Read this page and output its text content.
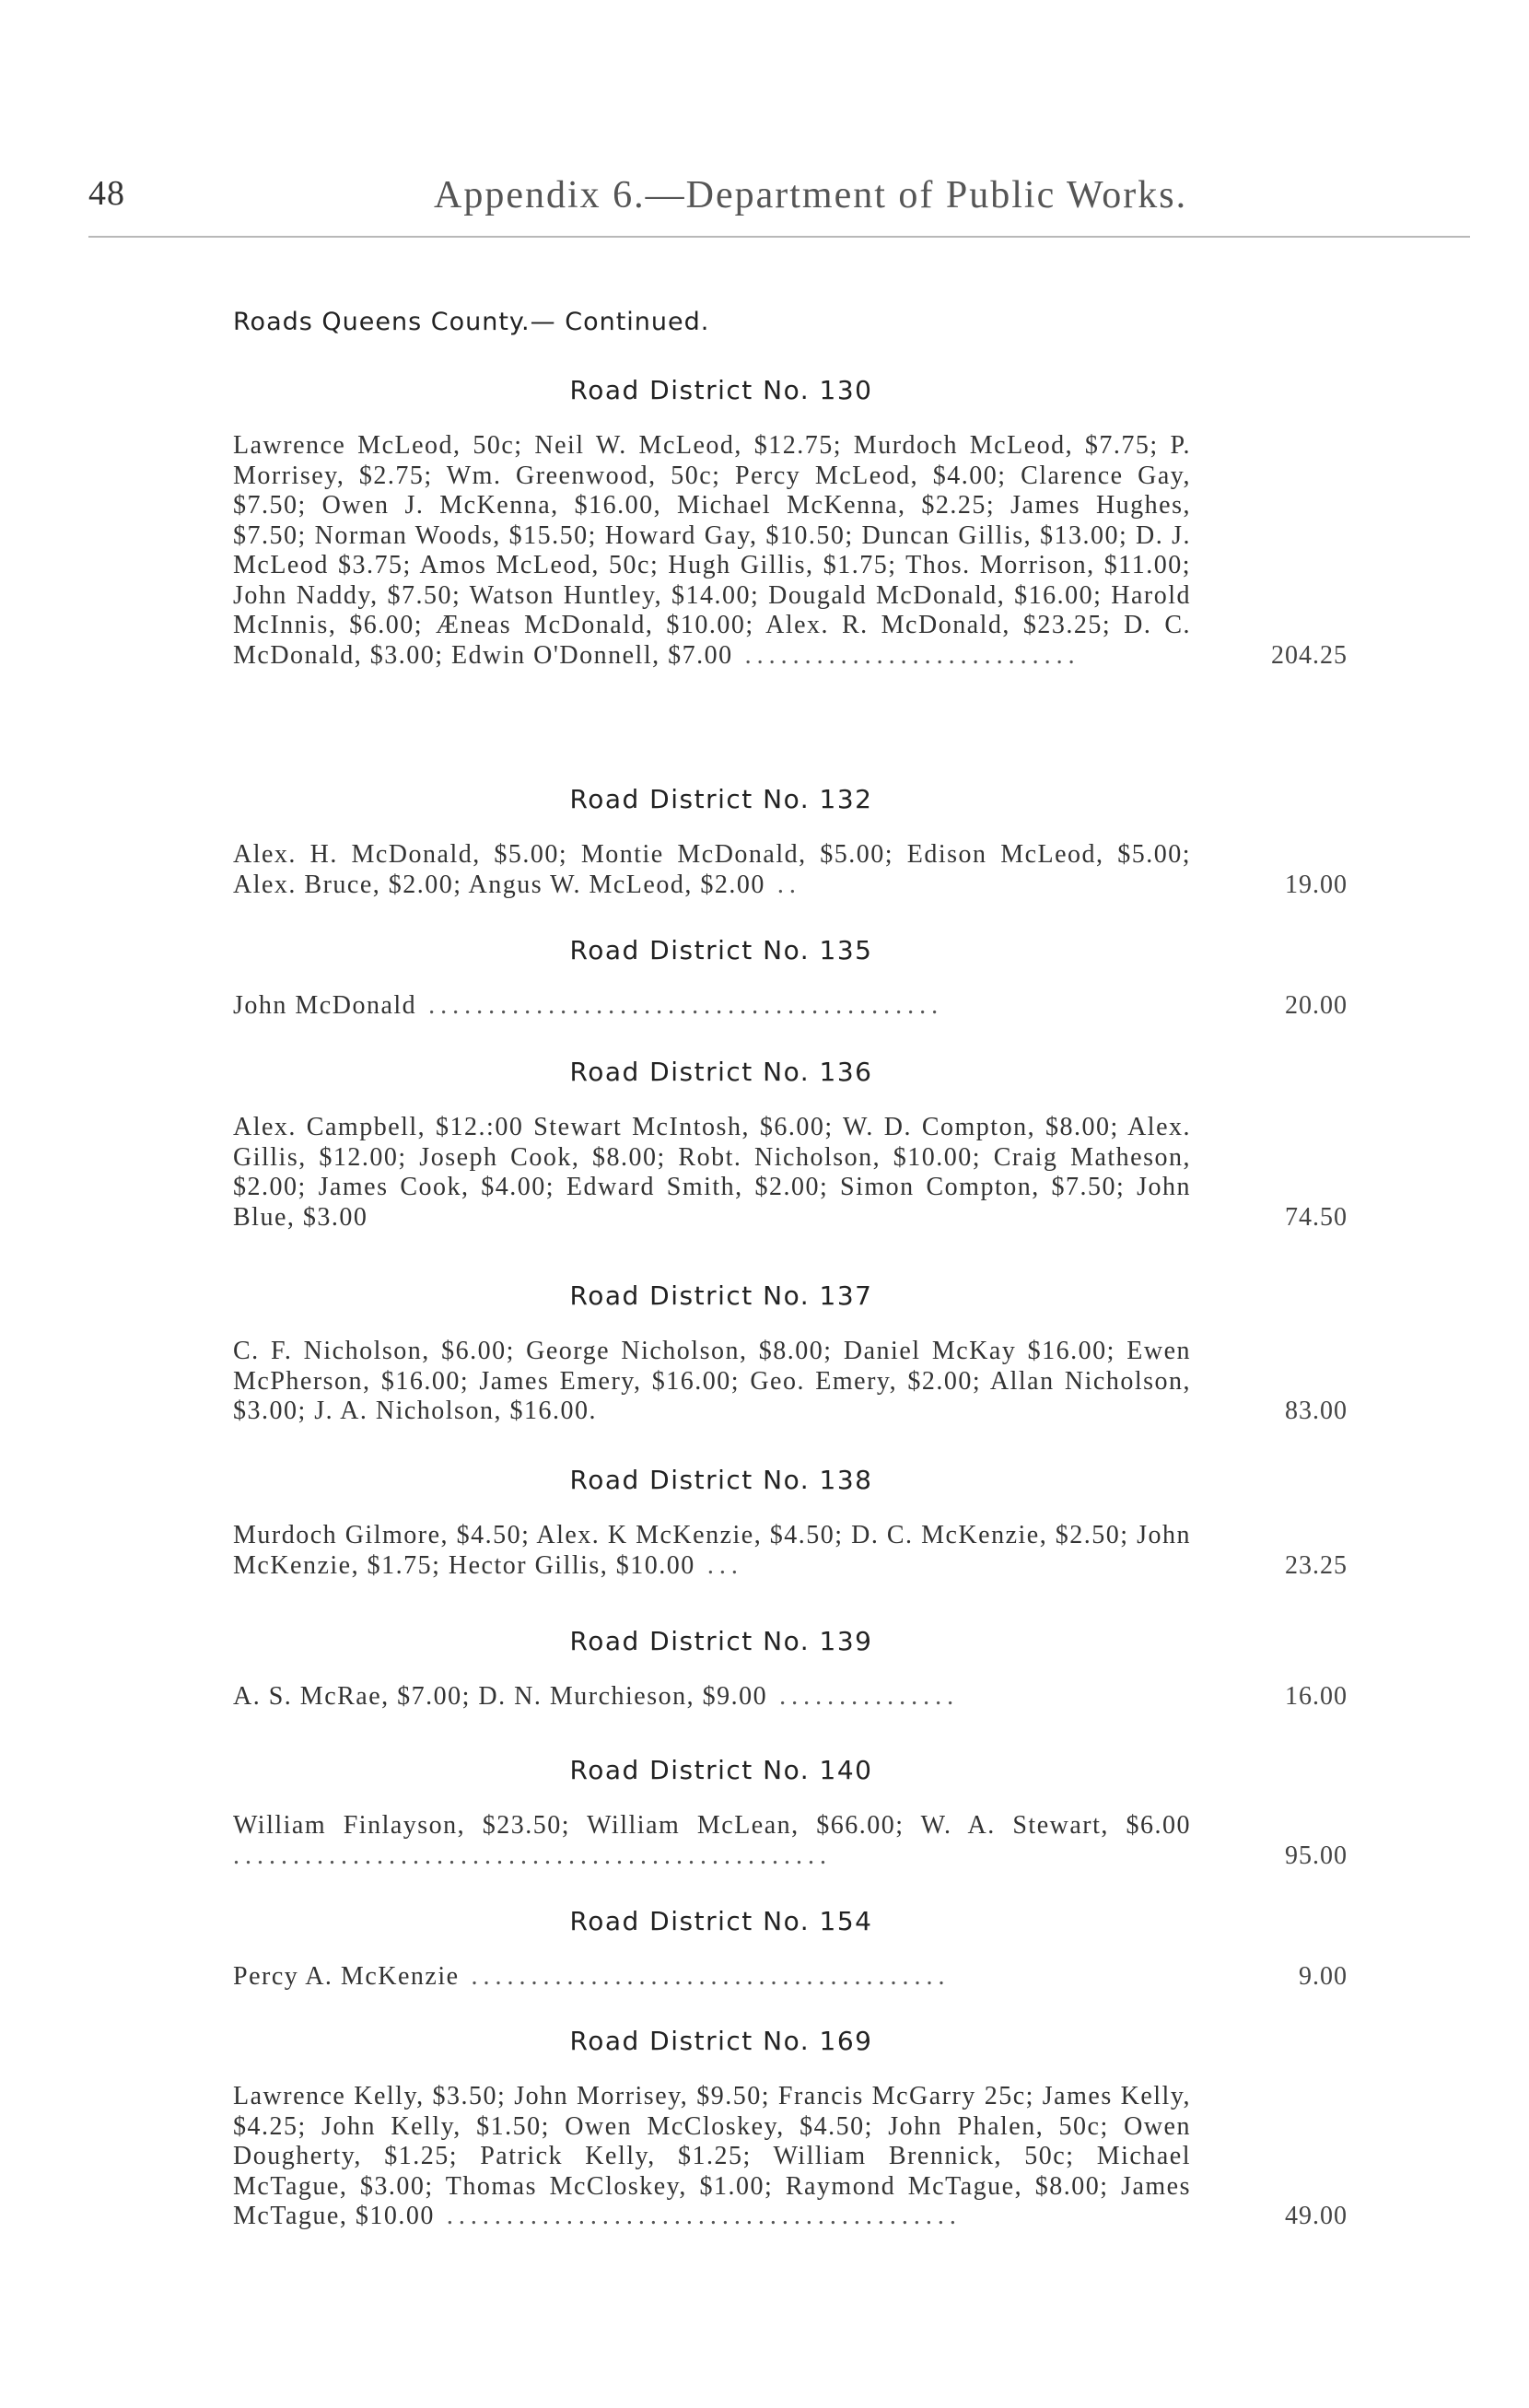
48	Appendix 6.—Department of Public Works.
Roads Queens County.— Continued.
Road District No. 130
Lawrence McLeod, 50c; Neil W. McLeod, $12.75; Murdoch McLeod, $7.75; P. Morrisey, $2.75; Wm. Greenwood, 50c; Percy McLeod, $4.00; Clarence Gay, $7.50; Owen J. McKenna, $16.00, Michael McKenna, $2.25; James Hughes, $7.50; Norman Woods, $15.50; Howard Gay, $10.50; Duncan Gillis, $13.00; D. J. McLeod $3.75; Amos McLeod, 50c; Hugh Gillis, $1.75; Thos. Morrison, $11.00; John Naddy, $7.50; Watson Huntley, $14.00; Dougald McDonald, $16.00; Harold McInnis, $6.00; Æneas McDonald, $10.00; Alex. R. McDonald, $23.25; D. C. McDonald, $3.00; Edwin O'Donnell, $7.00 ............................	204.25
Road District No. 132
Alex. H. McDonald, $5.00; Montie McDonald, $5.00; Edison McLeod, $5.00; Alex. Bruce, $2.00; Angus W. McLeod, $2.00 ..	19.00
Road District No. 135
John McDonald ...........................................	20.00
Road District No. 136
Alex. Campbell, $12.:00 Stewart McIntosh, $6.00; W. D. Compton, $8.00; Alex. Gillis, $12.00; Joseph Cook, $8.00; Robt. Nicholson, $10.00; Craig Matheson, $2.00; James Cook, $4.00; Edward Smith, $2.00; Simon Compton, $7.50; John Blue, $3.00	74.50
Road District No. 137
C. F. Nicholson, $6.00; George Nicholson, $8.00; Daniel McKay $16.00; Ewen McPherson, $16.00; James Emery, $16.00; Geo. Emery, $2.00; Allan Nicholson, $3.00; J. A. Nicholson, $16.00.	83.00
Road District No. 138
Murdoch Gilmore, $4.50; Alex. K McKenzie, $4.50; D. C. McKenzie, $2.50; John McKenzie, $1.75; Hector Gillis, $10.00 ...	23.25
Road District No. 139
A. S. McRae, $7.00; D. N. Murchieson, $9.00 ...............	16.00
Road District No. 140
William Finlayson, $23.50; William McLean, $66.00; W. A. Stewart, $6.00 ..................................................	95.00
Road District No. 154
Percy A. McKenzie ........................................	9.00
Road District No. 169
Lawrence Kelly, $3.50; John Morrisey, $9.50; Francis McGarry 25c; James Kelly, $4.25; John Kelly, $1.50; Owen McCloskey, $4.50; John Phalen, 50c; Owen Dougherty, $1.25; Patrick Kelly, $1.25; William Brennick, 50c; Michael McTague, $3.00; Thomas McCloskey, $1.00; Raymond McTague, $8.00; James McTague, $10.00 ...........................................	49.00
